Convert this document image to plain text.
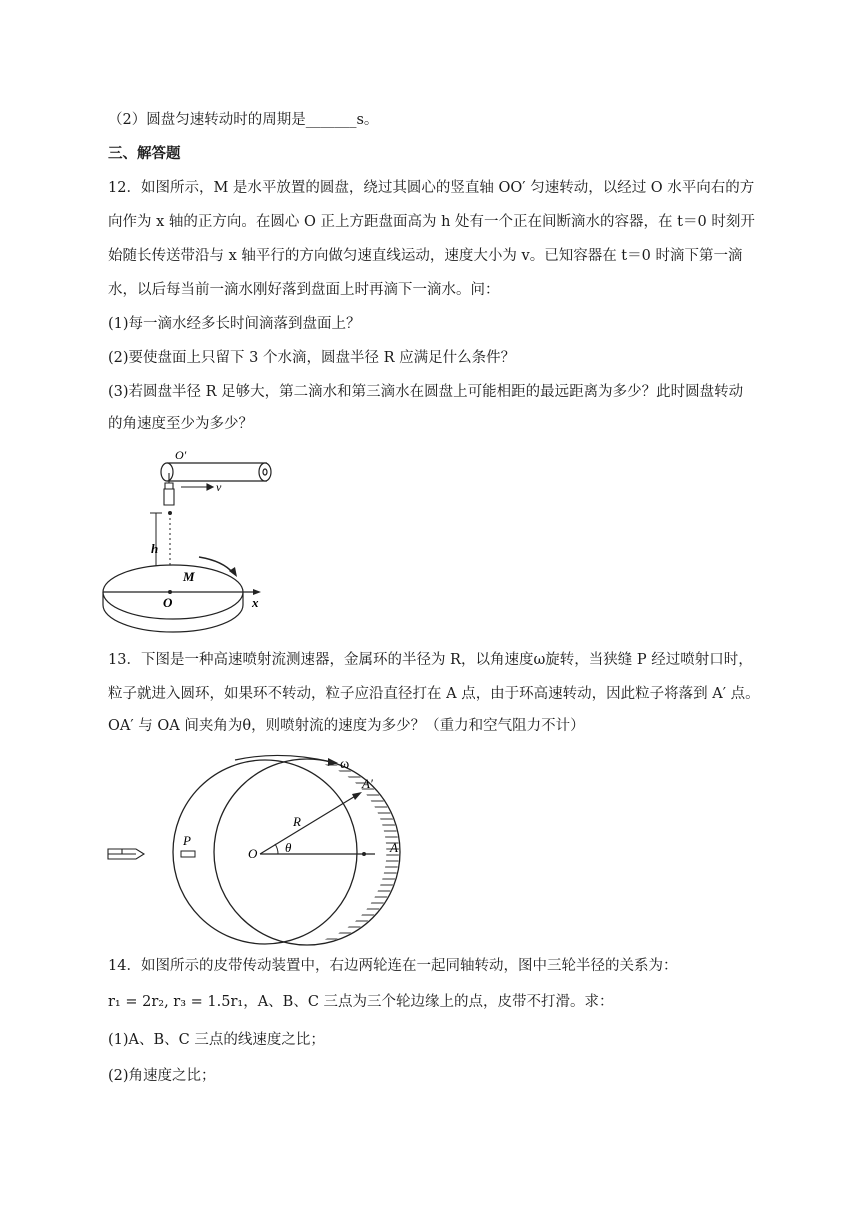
（2）圆盘匀速转动时的周期是_______s。
三、解答题
12．如图所示，M 是水平放置的圆盘，绕过其圆心的竖直轴 OO′ 匀速转动，以经过 O 水平向右的方
向作为 x 轴的正方向。在圆心 O 正上方距盘面高为 h 处有一个正在间断滴水的容器，在 t＝0 时刻开
始随长传送带沿与 x 轴平行的方向做匀速直线运动，速度大小为 v。已知容器在 t＝0 时滴下第一滴
水，以后每当前一滴水刚好落到盘面上时再滴下一滴水。问：
(1)每一滴水经多长时间滴落到盘面上？
(2)要使盘面上只留下 3 个水滴，圆盘半径 R 应满足什么条件？
(3)若圆盘半径 R 足够大，第二滴水和第三滴水在圆盘上可能相距的最远距离为多少？此时圆盘转动
的角速度至少为多少？
O′
v
h
M
O	x
13．下图是一种高速喷射流测速器，金属环的半径为 R，以角速度ω旋转，当狭缝 P 经过喷射口时，
粒子就进入圆环，如果环不转动，粒子应沿直径打在 A 点，由于环高速转动，因此粒子将落到 A′ 点。
OA′ 与 OA 间夹角为θ，则喷射流的速度为多少？（重力和空气阻力不计）
ω
A′
R
θ
O	A
P
14．如图所示的皮带传动装置中，右边两轮连在一起同轴转动，图中三轮半径的关系为：
r₁ = 2r₂, r₃ = 1.5r₁，A、B、C 三点为三个轮边缘上的点，皮带不打滑。求：
(1)A、B、C 三点的线速度之比；
(2)角速度之比；
